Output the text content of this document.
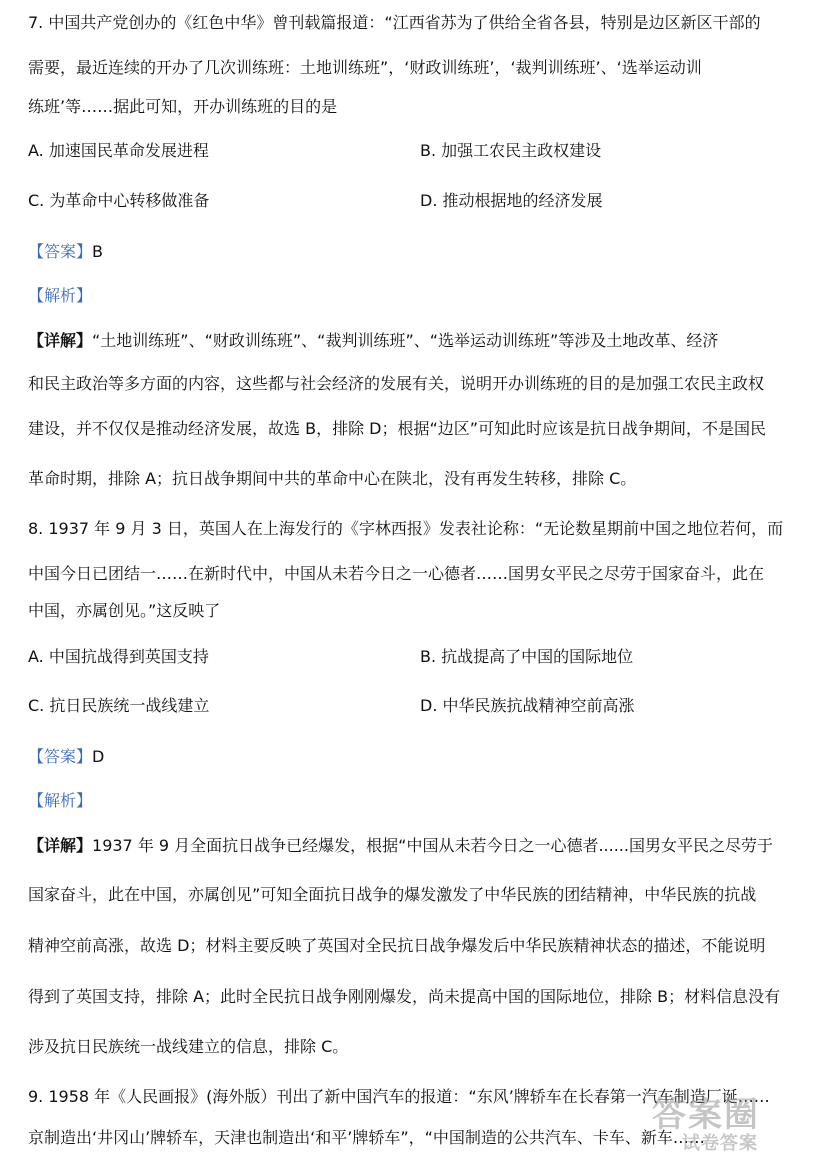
7. 中国共产党创办的《红色中华》曾刊载篇报道：“江西省苏为了供给全省各县，特别是边区新区干部的
需要，最近连续的开办了几次训练班：土地训练班”，‘财政训练班’，‘裁判训练班’、‘选举运动训
练班’等……据此可知，开办训练班的目的是
A. 加速国民革命发展进程	B. 加强工农民主政权建设
C. 为革命中心转移做准备	D. 推动根据地的经济发展
【答案】B
【解析】
【详解】“土地训练班”、“财政训练班”、“裁判训练班”、“选举运动训练班”等涉及土地改革、经济
和民主政治等多方面的内容，这些都与社会经济的发展有关，说明开办训练班的目的是加强工农民主政权
建设，并不仅仅是推动经济发展，故选 B，排除 D；根据“边区”可知此时应该是抗日战争期间，不是国民
革命时期，排除 A；抗日战争期间中共的革命中心在陕北，没有再发生转移，排除 C。
8. 1937 年 9 月 3 日，英国人在上海发行的《字林西报》发表社论称：“无论数星期前中国之地位若何，而
中国今日已团结一……在新时代中，中国从未若今日之一心德者……国男女平民之尽劳于国家奋斗，此在
中国，亦属创见。”这反映了
A. 中国抗战得到英国支持	B. 抗战提高了中国的国际地位
C. 抗日民族统一战线建立	D. 中华民族抗战精神空前高涨
【答案】D
【解析】
【详解】1937 年 9 月全面抗日战争已经爆发，根据“中国从未若今日之一心德者......国男女平民之尽劳于
国家奋斗，此在中国，亦属创见”可知全面抗日战争的爆发激发了中华民族的团结精神，中华民族的抗战
精神空前高涨，故选 D；材料主要反映了英国对全民抗日战争爆发后中华民族精神状态的描述，不能说明
得到了英国支持，排除 A；此时全民抗日战争刚刚爆发，尚未提高中国的国际地位，排除 B；材料信息没有
涉及抗日民族统一战线建立的信息，排除 C。
9. 1958 年《人民画报》(海外版）刊出了新中国汽车的报道：“东风’牌轿车在长春第一汽车制造厂诞……
京制造出‘井冈山’牌轿车，天津也制造出‘和平’牌轿车”，“中国制造的公共汽车、卡车、新车……
答案圈
试卷答案
